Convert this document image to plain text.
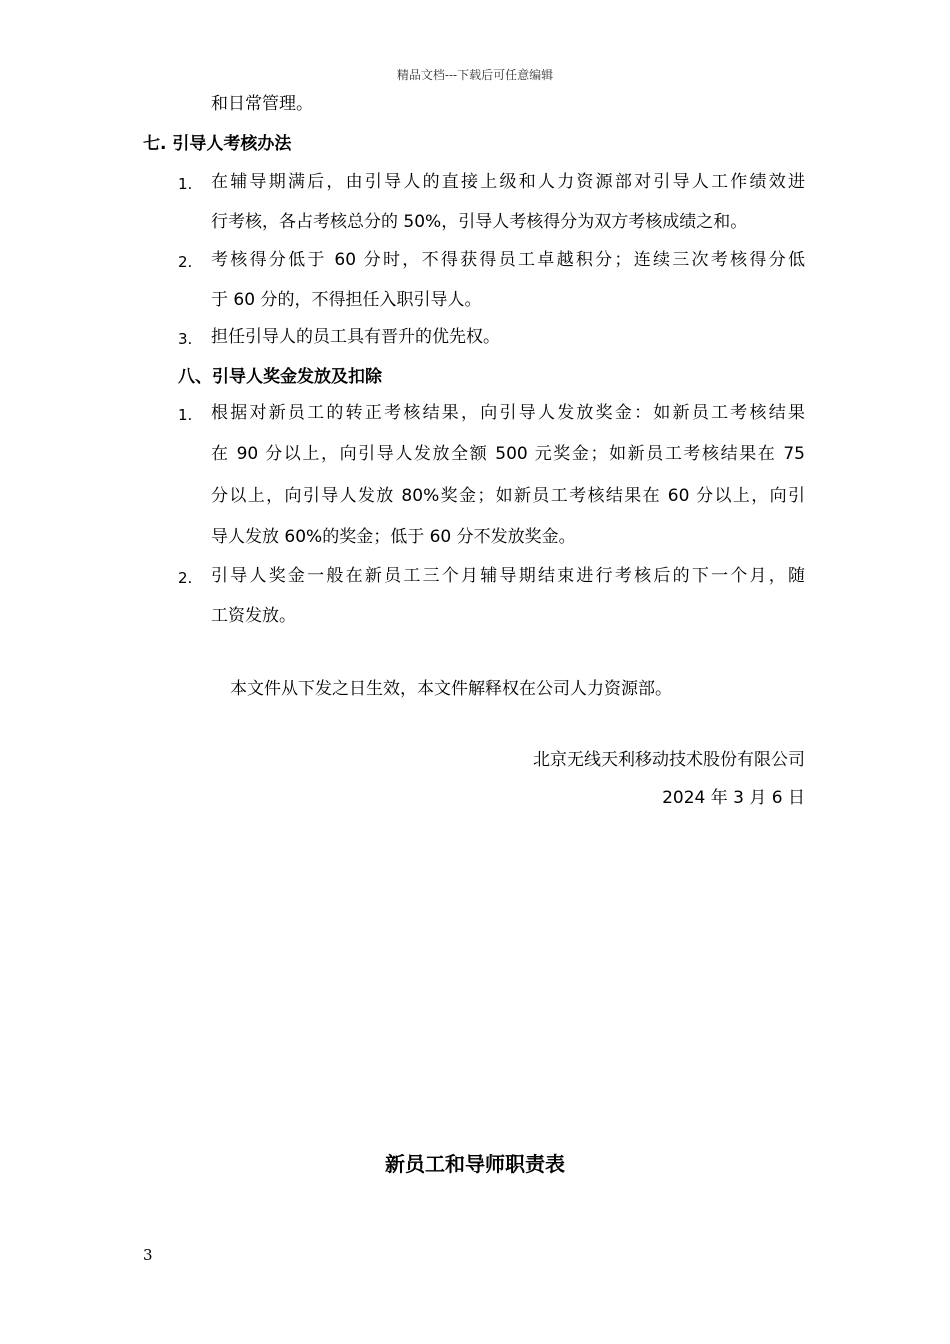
精品文档---下载后可任意编辑
和日常管理。
七. 引导人考核办法
1. 在辅导期满后，由引导人的直接上级和人力资源部对引导人工作绩效进
行考核，各占考核总分的 50%，引导人考核得分为双方考核成绩之和。
2. 考核得分低于 60 分时，不得获得员工卓越积分；连续三次考核得分低
于 60 分的，不得担任入职引导人。
3. 担任引导人的员工具有晋升的优先权。
八、引导人奖金发放及扣除
1. 根据对新员工的转正考核结果，向引导人发放奖金：如新员工考核结果
在 90 分以上，向引导人发放全额 500 元奖金；如新员工考核结果在 75
分以上，向引导人发放 80%奖金；如新员工考核结果在 60 分以上，向引
导人发放 60%的奖金；低于 60 分不发放奖金。
2. 引导人奖金一般在新员工三个月辅导期结束进行考核后的下一个月，随
工资发放。
本文件从下发之日生效，本文件解释权在公司人力资源部。
北京无线天利移动技术股份有限公司
2024 年 3 月 6 日
新员工和导师职责表
3
